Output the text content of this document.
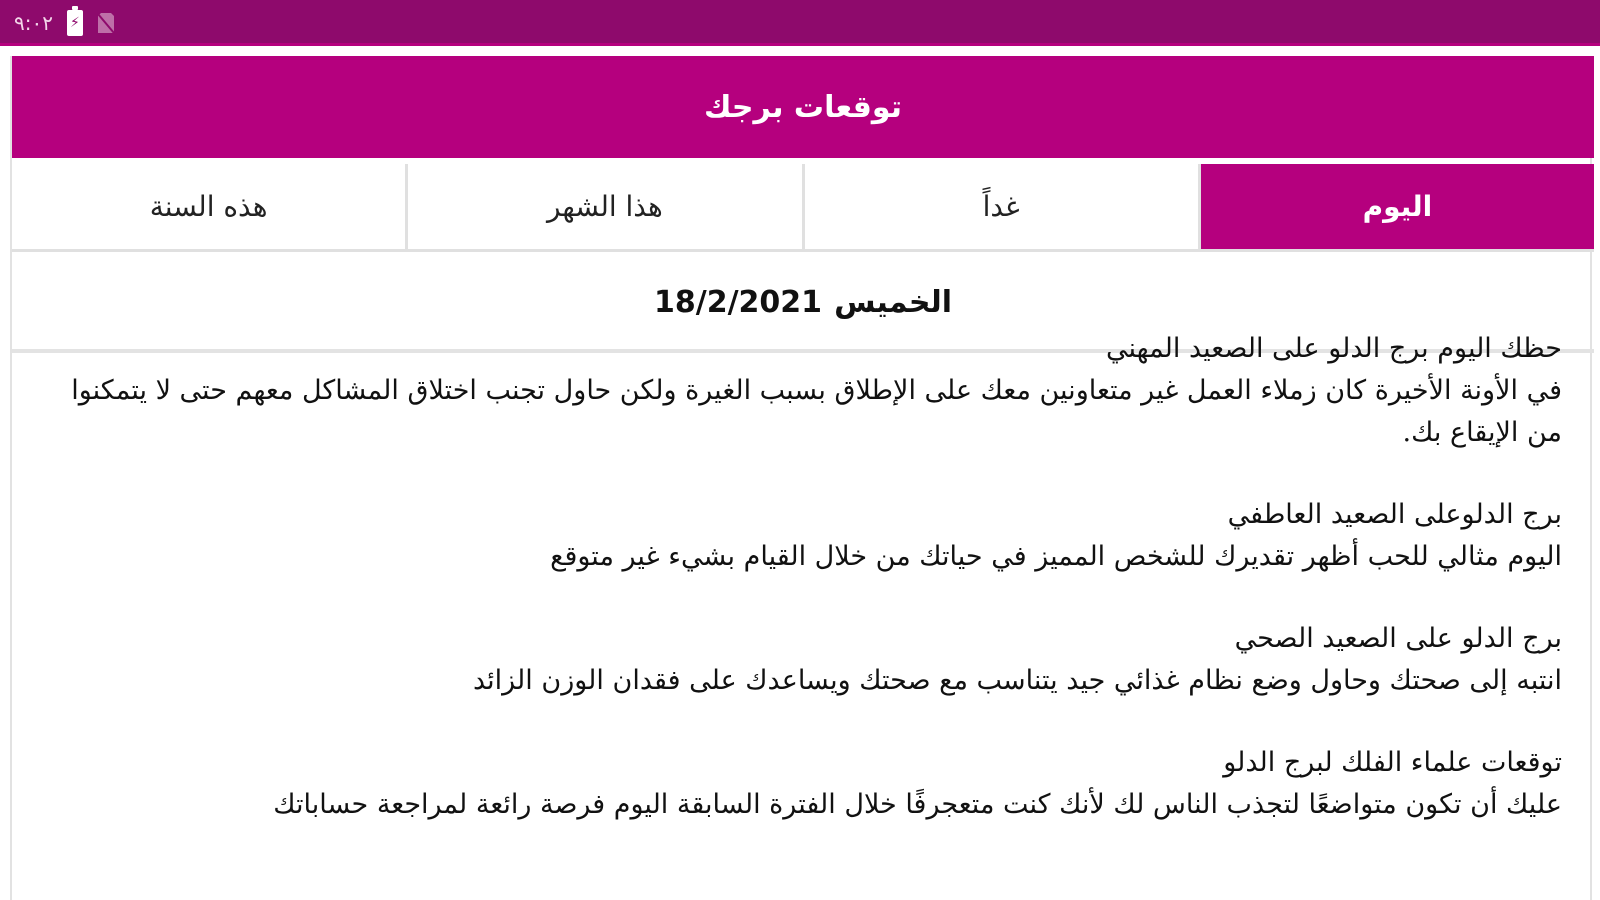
٩:٠٢ ⚡
توقعات برجك
اليوم
غداً
هذا الشهر
هذه السنة
الخميس
18/2/2021

حظك اليوم برج الدلو على الصعيد المهني

في الأونة الأخيرة كان زملاء العمل غير متعاونين معك على الإطلاق بسبب الغيرة ولكن حاول تجنب اختلاق المشاكل معهم حتى لا يتمكنوا من الإيقاع بك.

برج الدلوعلى الصعيد العاطفي

اليوم مثالي للحب أظهر تقديرك للشخص المميز في حياتك من خلال القيام بشيء غير متوقع

برج الدلو على الصعيد الصحي

انتبه إلى صحتك وحاول وضع نظام غذائي جيد يتناسب مع صحتك ويساعدك على فقدان الوزن الزائد

توقعات علماء الفلك لبرج الدلو

عليك أن تكون متواضعًا لتجذب الناس لك لأنك كنت متعجرفًا خلال الفترة السابقة اليوم فرصة رائعة لمراجعة حساباتك
